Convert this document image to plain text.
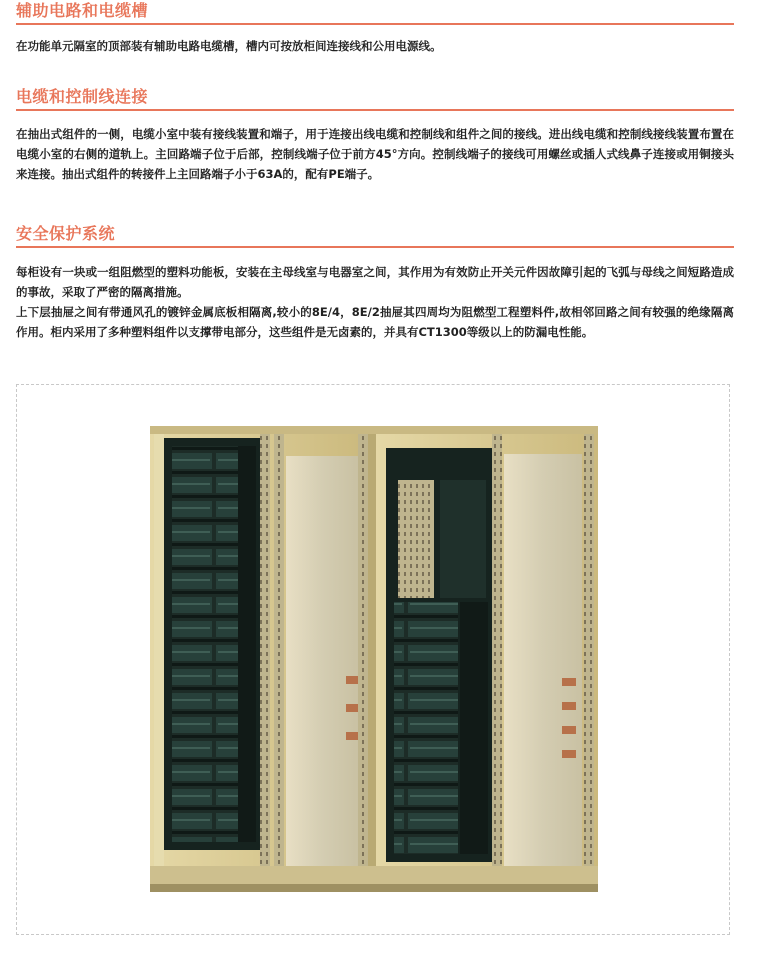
辅助电路和电缆槽

在功能单元隔室的顶部装有辅助电路电缆槽，槽内可按放柜间连接线和公用电源线。

电缆和控制线连接

在抽出式组件的一侧，电缆小室中装有接线装置和端子，用于连接出线电缆和控制线和组件之间的接线。进出线电缆和控制线接线装置布置在电缆小室的右侧的道轨上。主回路端子位于后部，控制线端子位于前方45°方向。控制线端子的接线可用螺丝或插人式线鼻子连接或用铜接头来连接。抽出式组件的转接件上主回路端子小于63A的，配有PE端子。

安全保护系统

每柜设有一块或一组阻燃型的塑料功能板，安装在主母线室与电器室之间，其作用为有效防止开关元件因故障引起的飞弧与母线之间短路造成的事故，采取了严密的隔离措施。

上下层抽屉之间有带通风孔的镀锌金属底板相隔离,较小的8E/4，8E/2抽屉其四周均为阻燃型工程塑料件,故相邻回路之间有较强的绝缘隔离作用。柜内采用了多种塑料组件以支撑带电部分，这些组件是无卤素的，并具有CT1300等级以上的防漏电性能。
